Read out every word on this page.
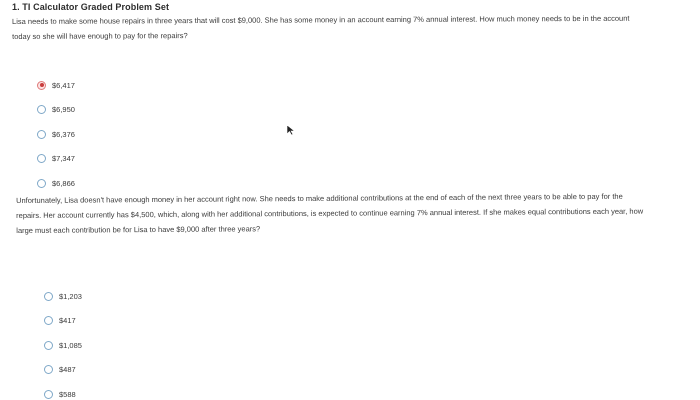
1. TI Calculator Graded Problem Set
Lisa needs to make some house repairs in three years that will cost $9,000. She has some money in an account earning 7% annual interest. How much money needs to be in the account today so she will have enough to pay for the repairs?
$6,417
$6,950
$6,376
$7,347
$6,866
Unfortunately, Lisa doesn't have enough money in her account right now. She needs to make additional contributions at the end of each of the next three years to be able to pay for the repairs. Her account currently has $4,500, which, along with her additional contributions, is expected to continue earning 7% annual interest. If she makes equal contributions each year, how large must each contribution be for Lisa to have $9,000 after three years?
$1,203
$417
$1,085
$487
$588
